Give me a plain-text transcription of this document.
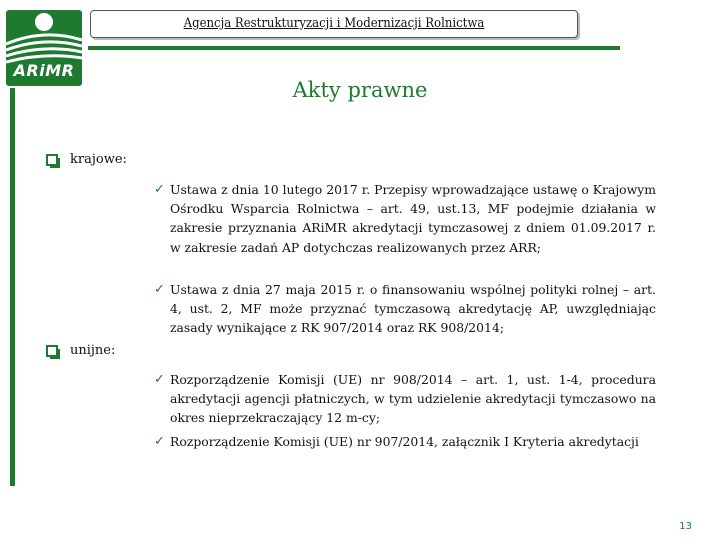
ARiMR
Agencja Restrukturyzacji i Modernizacji Rolnictwa
Akty prawne
krajowe:
✓ Ustawa z dnia 10 lutego 2017 r. Przepisy wprowadzające ustawę o Krajowym Ośrodku Wsparcia Rolnictwa – art. 49, ust.13, MF podejmie działania w zakresie przyznania ARiMR akredytacji tymczasowej z dniem 01.09.2017 r. w zakresie zadań AP dotychczas realizowanych przez ARR;
✓ Ustawa z dnia 27 maja 2015 r. o finansowaniu wspólnej polityki rolnej – art. 4, ust. 2, MF może przyznać tymczasową akredytację AP, uwzględniając zasady wynikające z RK 907/2014 oraz RK 908/2014;
unijne:
✓ Rozporządzenie Komisji (UE) nr 908/2014 – art. 1, ust. 1-4, procedura akredytacji agencji płatniczych, w tym udzielenie akredytacji tymczasowo na okres nieprzekraczający 12 m-cy;
✓ Rozporządzenie Komisji (UE) nr 907/2014, załącznik I Kryteria akredytacji
13
